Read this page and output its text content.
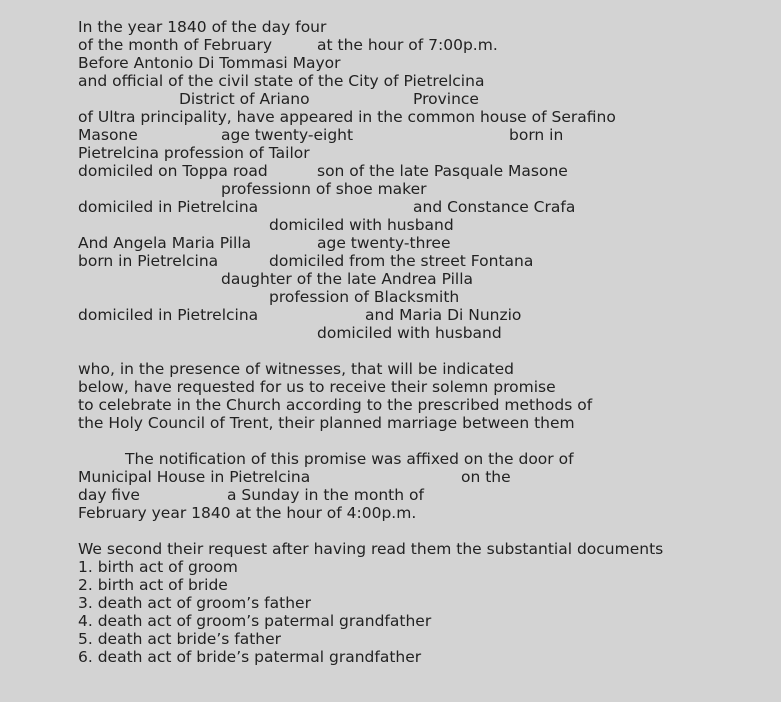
In the year 1840 of the day four

of the month of February

	at the hour of 7:00p.m.

Before Antonio Di Tommasi Mayor

and official of the civil state of the City of Pietrelcina

District of Ariano

	Province

of Ultra principality, have appeared in the common house of Serafino

Masone

	age twenty-eight

	born in

Pietrelcina profession of Tailor

domiciled on Toppa road

	son of the late Pasquale Masone

professionn of shoe maker

domiciled in Pietrelcina

	and Constance Crafa

domiciled with husband

And Angela Maria Pilla

	age twenty-three

born in Pietrelcina

	domiciled from the street Fontana

daughter of the late Andrea Pilla

profession of Blacksmith

domiciled in Pietrelcina

	and Maria Di Nunzio

domiciled with husband

who, in the presence of witnesses, that will be indicated

below, have requested for us to receive their solemn promise

to celebrate in the Church according to the prescribed methods of

the Holy Council of Trent, their planned marriage between them

The notification of this promise was affixed on the door of

Municipal House in Pietrelcina

	on the

day five

	a Sunday in the month of

February year 1840 at the hour of 4:00p.m.

We second their request after having read them the substantial documents

1. birth act of groom

2. birth act of bride

3. death act of groom’s father

4. death act of groom’s patermal grandfather

5. death act bride’s father

6. death act of bride’s patermal grandfather
